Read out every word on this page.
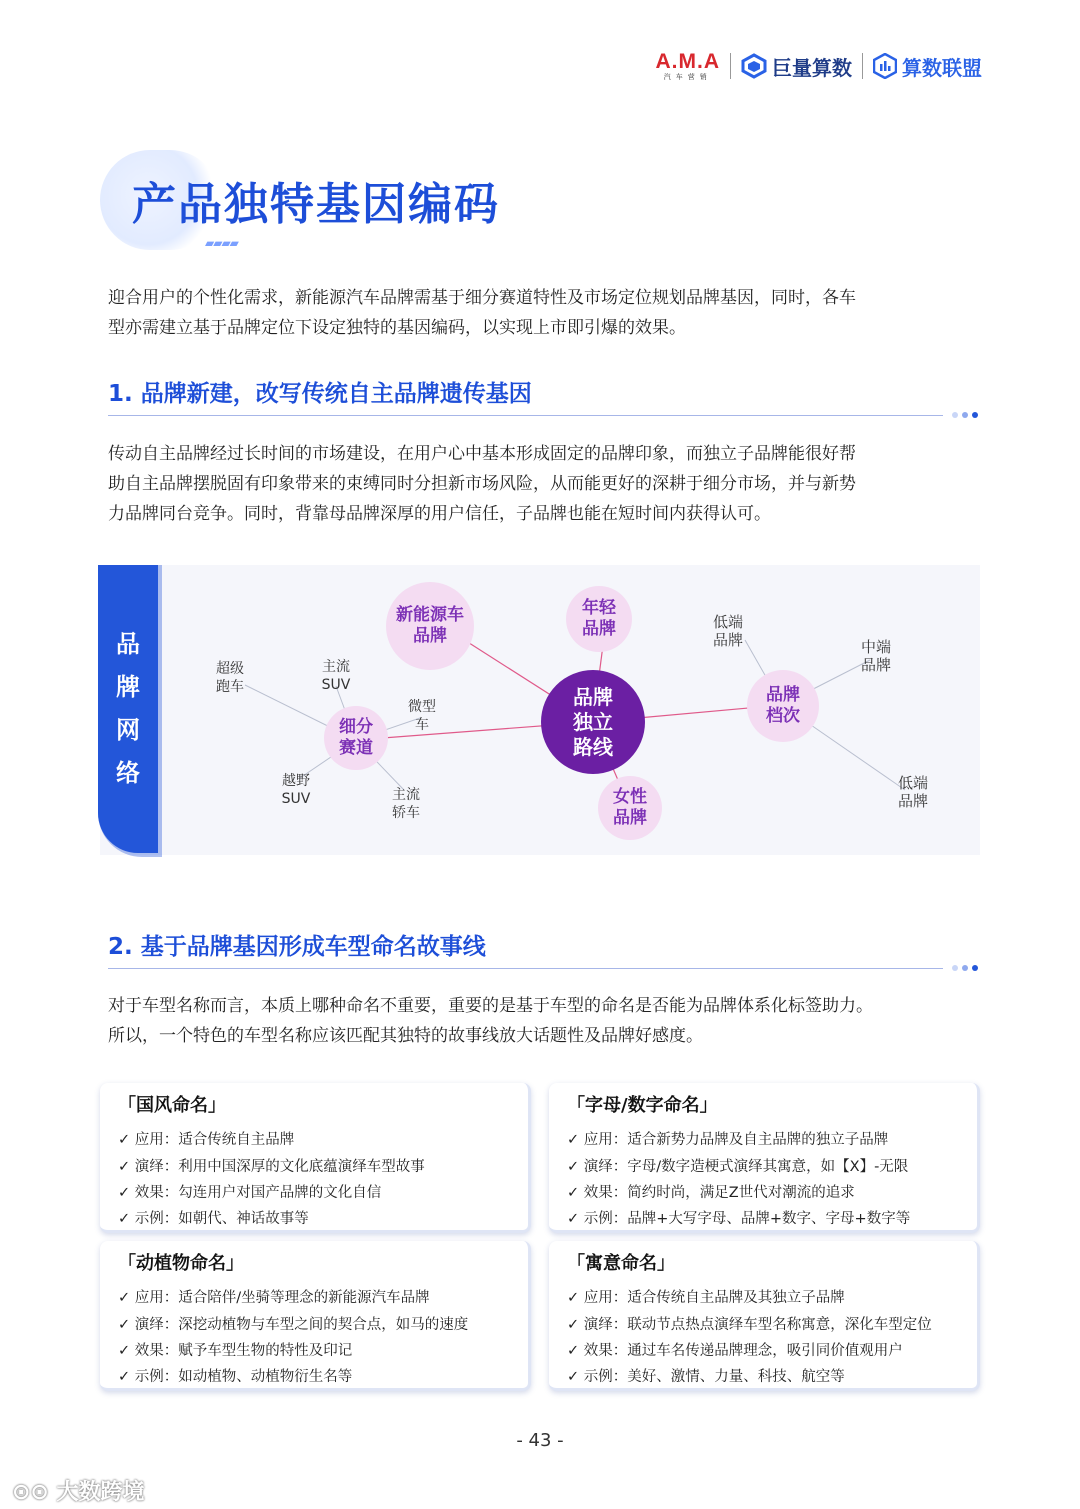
A.M.A
汽车营销	巨量算数	算数联盟
产品独特基因编码
▰▰▰▰
迎合用户的个性化需求，新能源汽车品牌需基于细分赛道特性及市场定位规划品牌基因，同时，各车
型亦需建立基于品牌定位下设定独特的基因编码，以实现上市即引爆的效果。
1. 品牌新建，改写传统自主品牌遗传基因
传动自主品牌经过长时间的市场建设，在用户心中基本形成固定的品牌印象，而独立子品牌能很好帮
助自主品牌摆脱固有印象带来的束缚同时分担新市场风险，从而能更好的深耕于细分市场，并与新势
力品牌同台竞争。同时，背靠母品牌深厚的用户信任，子品牌也能在短时间内获得认可。
品
牌
网
络
新能源车
品牌
年轻
品牌
品牌
档次
女性
品牌
细分
赛道
品牌
独立
路线
超级
跑车
主流
SUV
微型
车
越野
SUV	主流
轿车
低端
品牌	中端
品牌
低端
品牌
2. 基于品牌基因形成车型命名故事线
对于车型名称而言，本质上哪种命名不重要，重要的是基于车型的命名是否能为品牌体系化标签助力。
所以，一个特色的车型名称应该匹配其独特的故事线放大话题性及品牌好感度。
「国风命名」
✓ 应用：适合传统自主品牌
✓ 演绎：利用中国深厚的文化底蕴演绎车型故事
✓ 效果：勾连用户对国产品牌的文化自信
✓ 示例：如朝代、神话故事等
「字母/数字命名」
✓ 应用：适合新势力品牌及自主品牌的独立子品牌
✓ 演绎：字母/数字造梗式演绎其寓意，如【X】-无限
✓ 效果：简约时尚，满足Z世代对潮流的追求
✓ 示例：品牌+大写字母、品牌+数字、字母+数字等
「动植物命名」
✓ 应用：适合陪伴/坐骑等理念的新能源汽车品牌
✓ 演绎：深挖动植物与车型之间的契合点，如马的速度
✓ 效果：赋予车型生物的特性及印记
✓ 示例：如动植物、动植物衍生名等
「寓意命名」
✓ 应用：适合传统自主品牌及其独立子品牌
✓ 演绎：联动节点热点演绎车型名称寓意，深化车型定位
✓ 效果：通过车名传递品牌理念，吸引同价值观用户
✓ 示例：美好、激情、力量、科技、航空等
- 43 -
⊙⊙ 大数跨境
